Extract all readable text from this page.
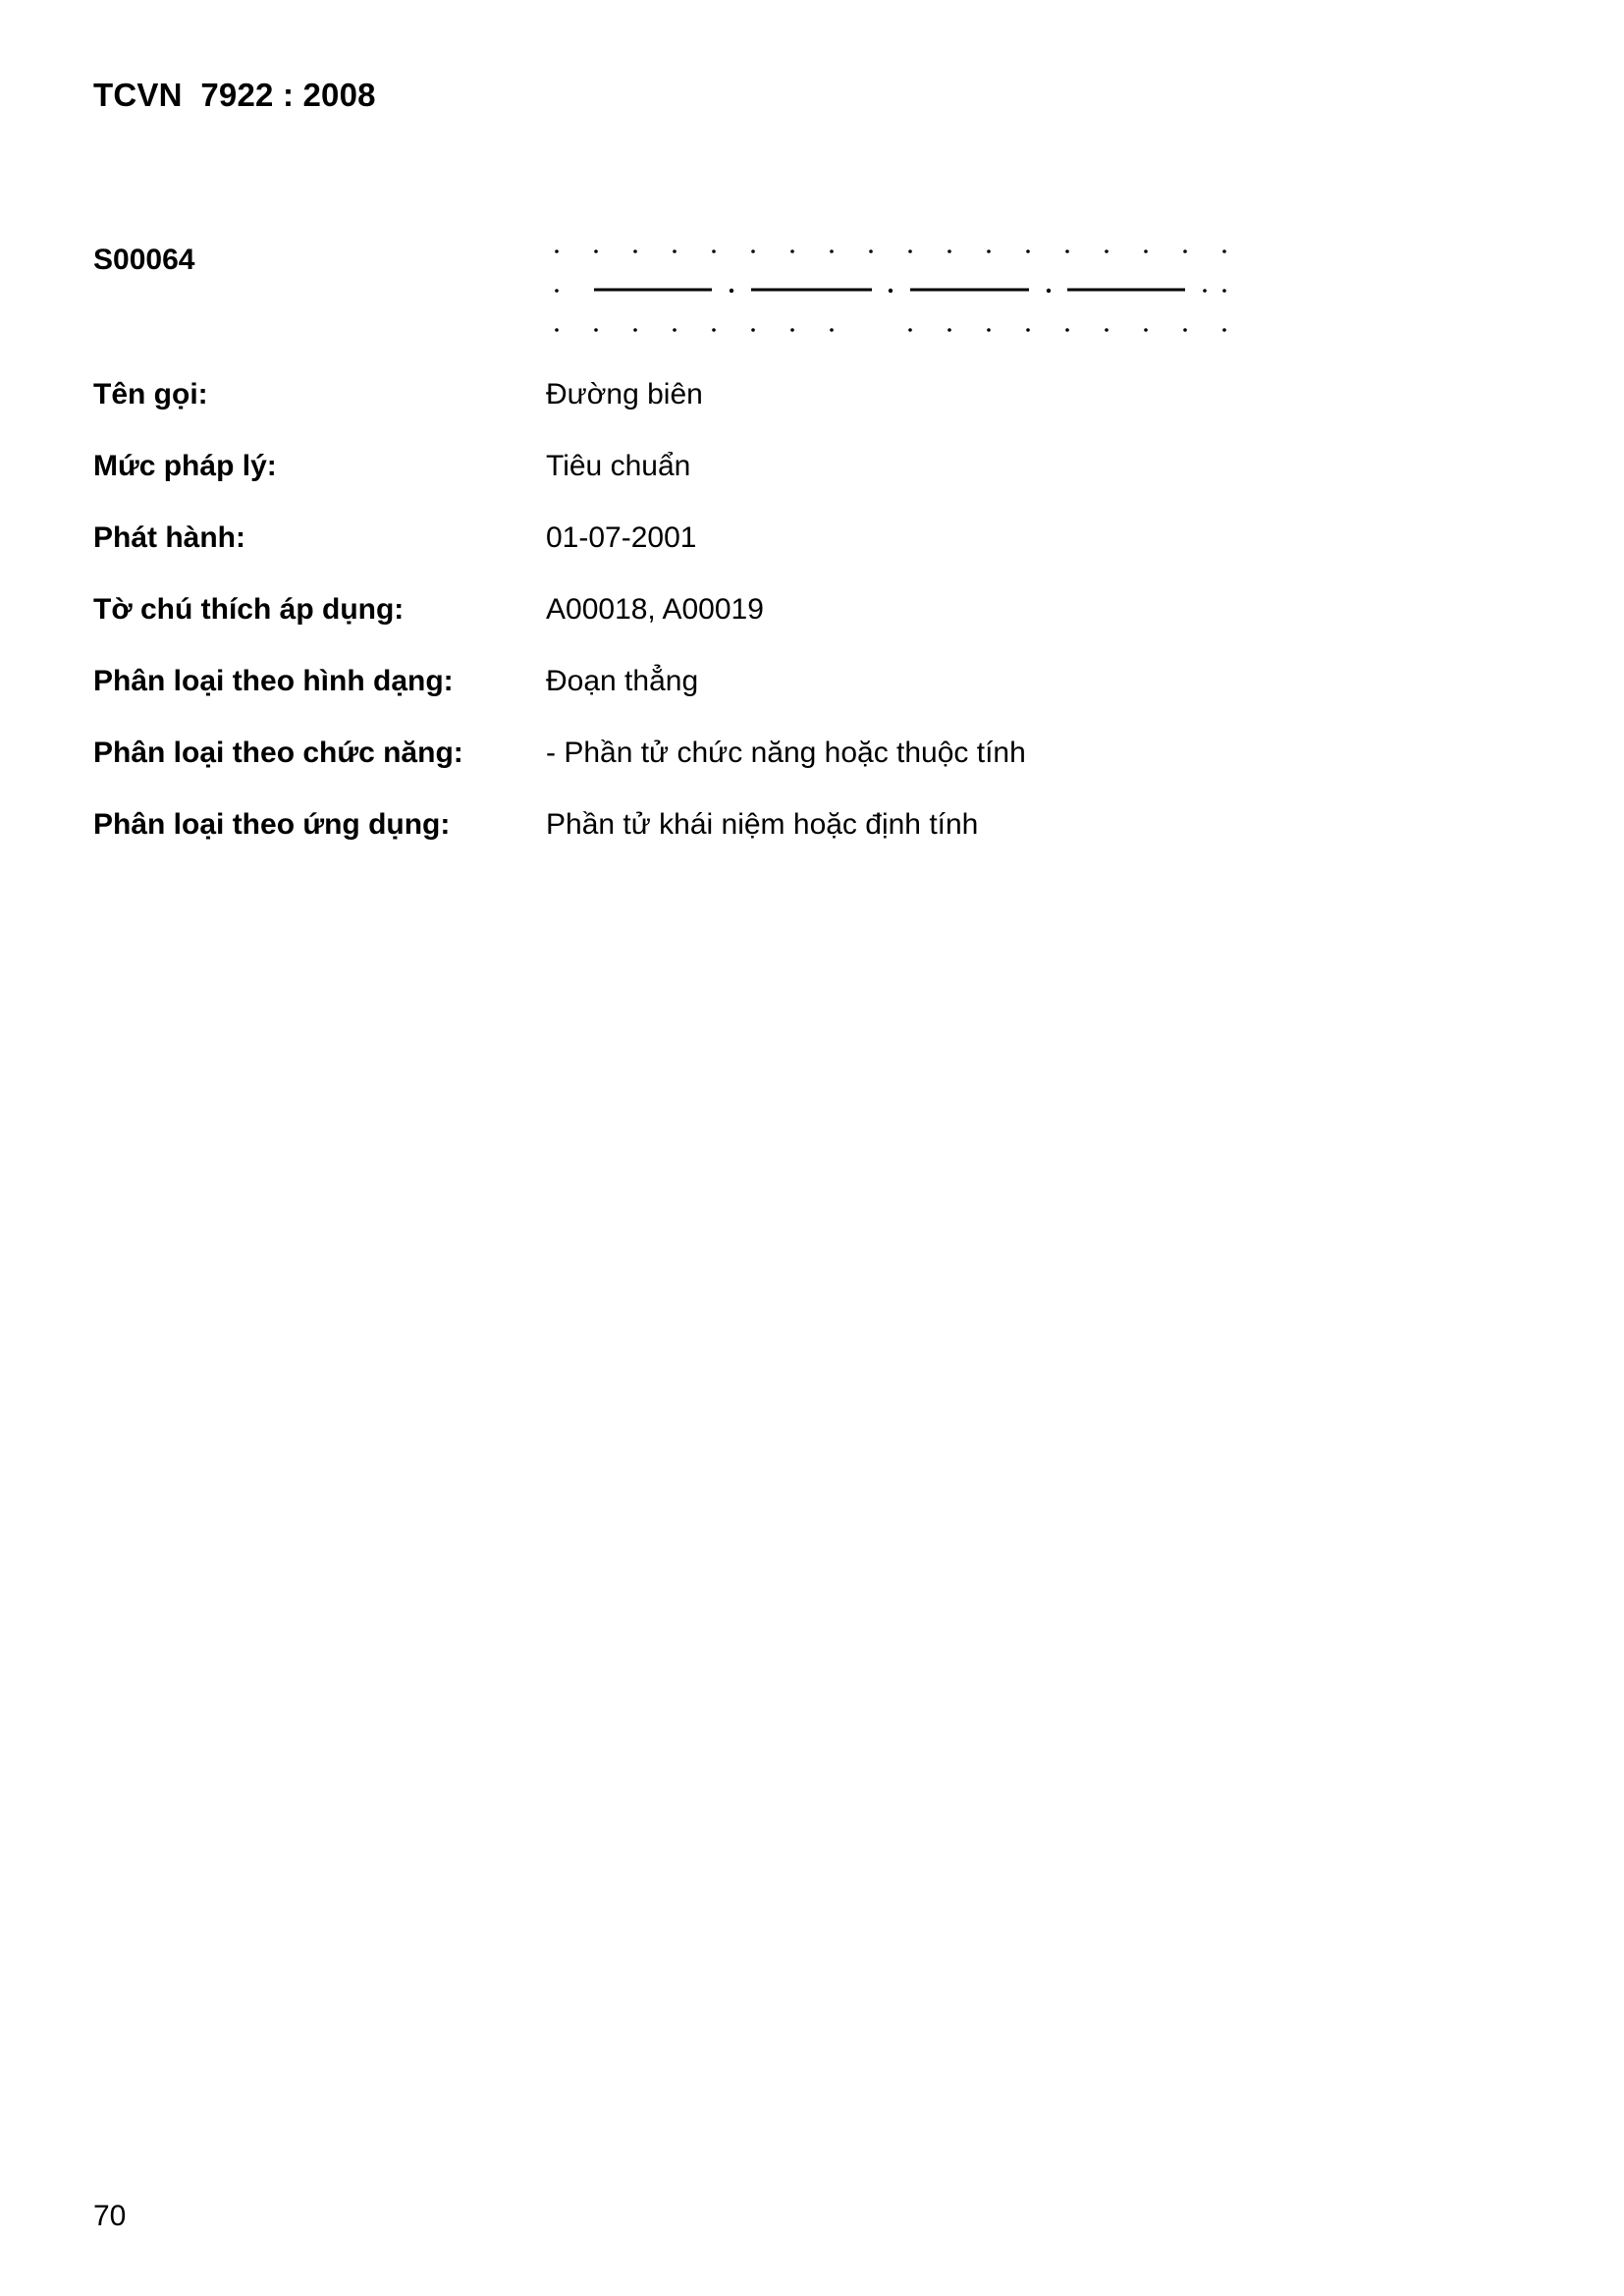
TCVN  7922 : 2008
S00064
Tên gọi:	Đường biên
Mức pháp lý:	Tiêu chuẩn
Phát hành:	01-07-2001
Tờ chú thích áp dụng:	A00018, A00019
Phân loại theo hình dạng:	Đoạn thẳng
Phân loại theo chức năng:	- Phần tử chức năng hoặc thuộc tính
Phân loại theo ứng dụng:	Phần tử khái niệm hoặc định tính
70
